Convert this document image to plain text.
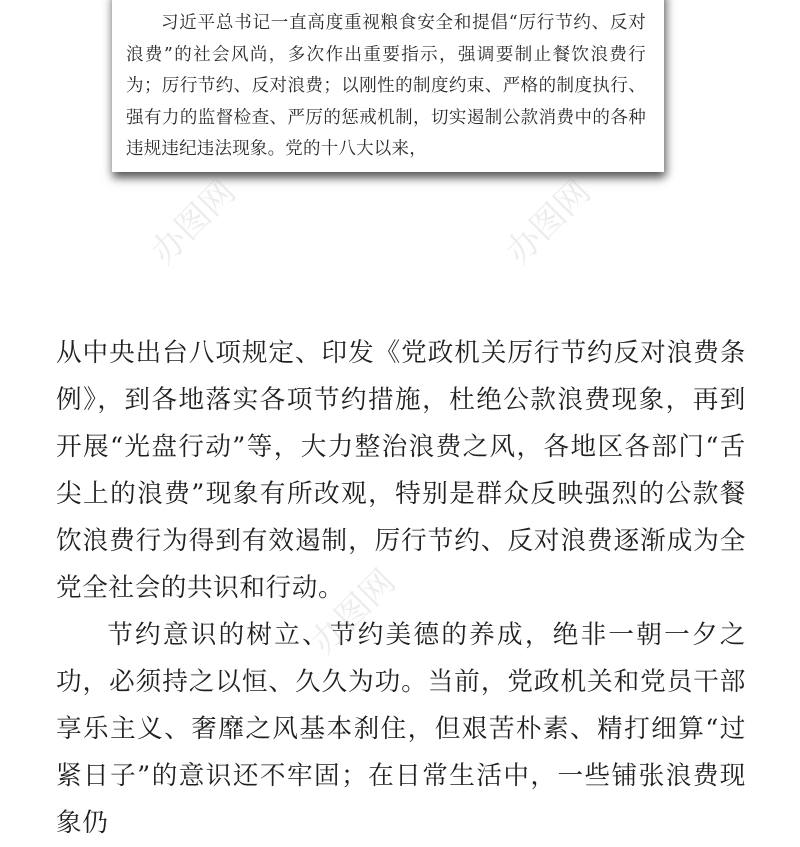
习近平总书记一直高度重视粮食安全和提倡“厉行节约、反对浪费”的社会风尚，多次作出重要指示，强调要制止餐饮浪费行为；厉行节约、反对浪费；以刚性的制度约束、严格的制度执行、强有力的监督检查、严厉的惩戒机制，切实遏制公款消费中的各种违规违纪违法现象。党的十八大以来，

从中央出台八项规定、印发《党政机关厉行节约反对浪费条例》，到各地落实各项节约措施，杜绝公款浪费现象，再到开展“光盘行动”等，大力整治浪费之风，各地区各部门“舌尖上的浪费”现象有所改观，特别是群众反映强烈的公款餐饮浪费行为得到有效遏制，厉行节约、反对浪费逐渐成为全党全社会的共识和行动。

节约意识的树立、节约美德的养成，绝非一朝一夕之功，必须持之以恒、久久为功。当前，党政机关和党员干部享乐主义、奢靡之风基本刹住，但艰苦朴素、精打细算“过紧日子”的意识还不牢固；在日常生活中，一些铺张浪费现象仍

办图网	办图网
办图网
